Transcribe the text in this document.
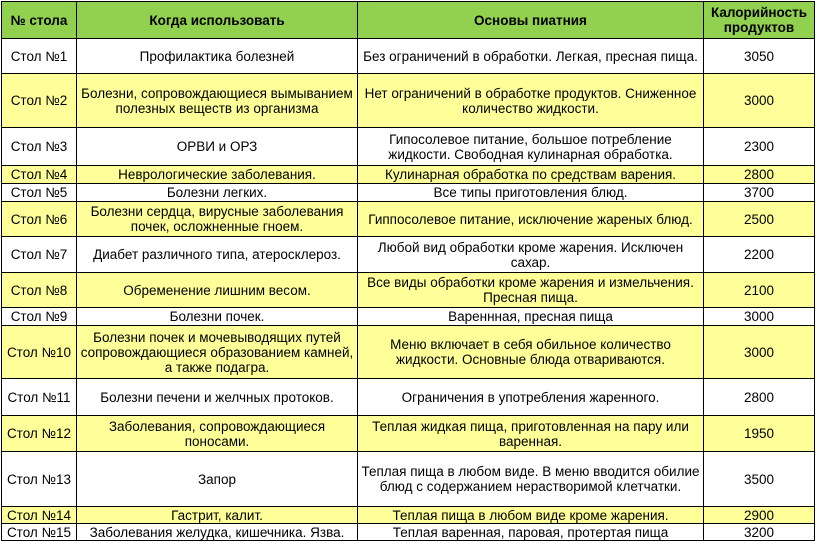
№ стола	Когда использовать	Основы пиатния	Калорийность продуктов
Стол №1	Профилактика болезней	Без ограничений в обработки. Легкая, пресная пища.	3050
Стол №2	Болезни, сопровождающиеся вымыванием полезных веществ из организма	Нет ограничений в обработке продуктов. Сниженное количество жидкости.	3000
Стол №3	ОРВИ и ОРЗ	Гипосолевое питание, большое потребление жидкости. Свободная кулинарная обработка.	2300
Стол №4	Неврологические заболевания.	Кулинарная обработка по средствам варения.	2800
Стол №5	Болезни легких.	Все типы приготовления блюд.	3700
Стол №6	Болезни сердца, вирусные заболевания почек, осложненные гноем.	Гиппосолевое питание, исключение жареных блюд.	2500
Стол №7	Диабет различного типа, атеросклероз.	Любой вид обработки кроме жарения. Исключен сахар.	2200
Стол №8	Обременение лишним весом.	Все виды обработки кроме жарения и измельчения. Пресная пища.	2100
Стол №9	Болезни почек.	Вареннная, пресная пища	3000
Стол №10	Болезни почек и мочевыводящих путей сопровождающиеся образованием камней, а также подагра.	Меню включает в себя обильное количество жидкости. Основные блюда отвариваются.	3000
Стол №11	Болезни печени и желчных протоков.	Ограничения в употребления жаренного.	2800
Стол №12	Заболевания, сопровождающиеся поносами.	Теплая жидкая пища, приготовленная на пару или варенная.	1950
Стол №13	Запор	Теплая пища в любом виде. В меню вводится обилие блюд с содержанием нерастворимой клетчатки.	3500
Стол №14	Гастрит, калит.	Теплая пища в любом виде кроме жарения.	2900
Стол №15	Заболевания желудка, кишечника. Язва.	Теплая варенная, паровая, протертая пища	3200
